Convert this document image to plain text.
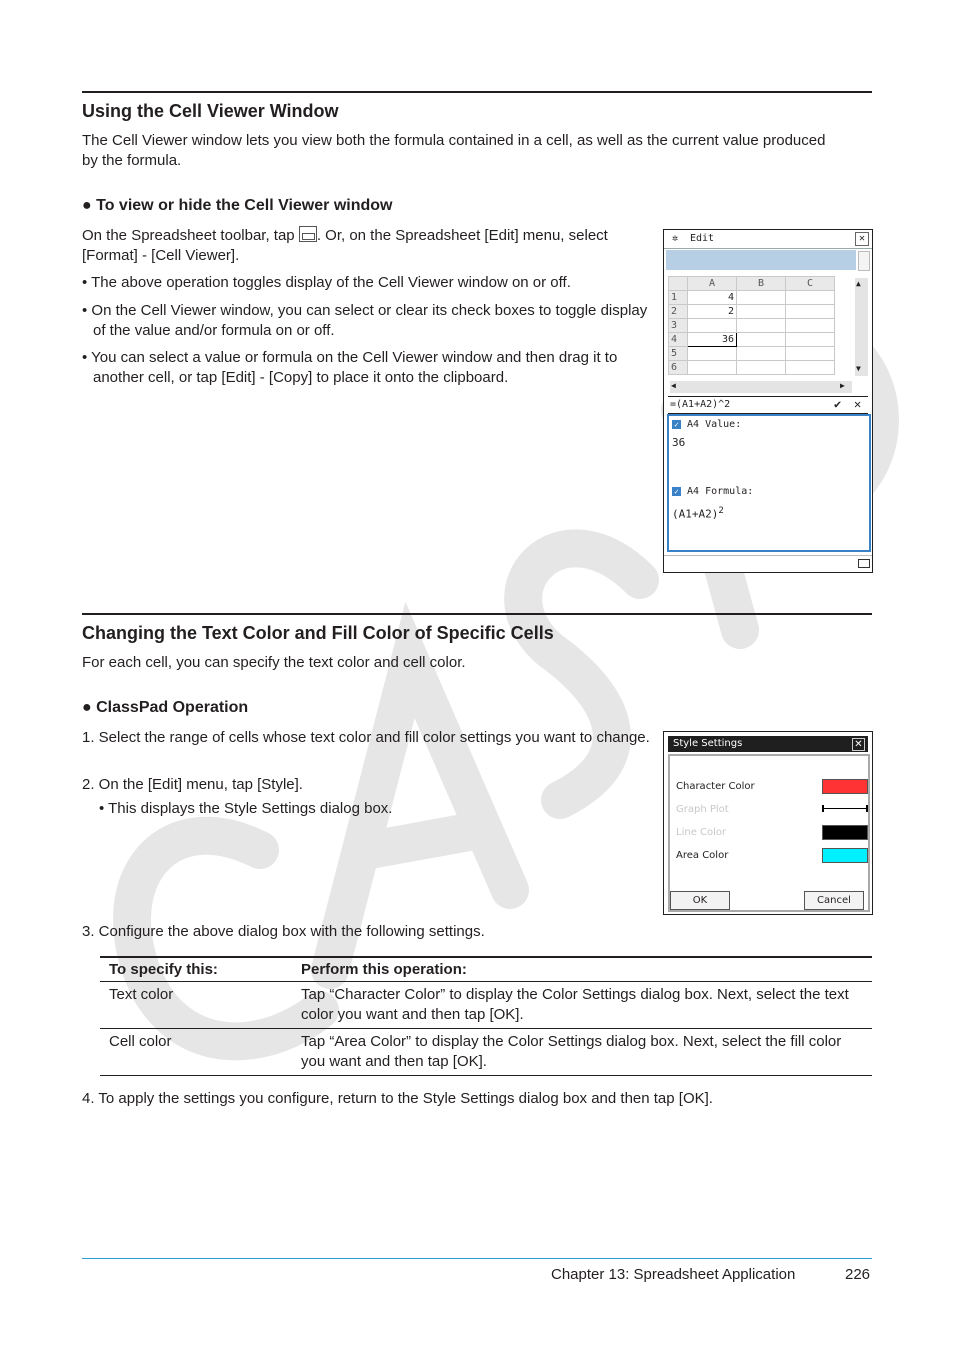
Using the Cell Viewer Window

The Cell Viewer window lets you view both the formula contained in a cell, as well as the current value produced by the formula.

● To view or hide the Cell Viewer window

On the Spreadsheet toolbar, tap . Or, on the Spreadsheet [Edit] menu, select [Format] - [Cell Viewer].

• The above operation toggles display of the Cell Viewer window on or off.

• On the Cell Viewer window, you can select or clear its check boxes to toggle display of the value and/or formula on or off.

• You can select a value or formula on the Cell Viewer window and then drag it to another cell, or tap [Edit] - [Copy] to place it onto the clipboard.

✲ Edit	✕
	A	B	C
1	4		
2	2		
3			
4	36		
5			
6			
▲
▼
◀	▶
=(A1+A2)^2	✔ ✕
✓ A4 Value:
36
✓ A4 Formula:
$(A1+A2)^2$
Changing the Text Color and Fill Color of Specific Cells

For each cell, you can specify the text color and cell color.

● ClassPad Operation

1. Select the range of cells whose text color and fill color settings you want to change.

2. On the [Edit] menu, tap [Style].

• This displays the Style Settings dialog box.

Style Settings	✕
Character Color
Graph Plot
Line Color
Area Color
OK	Cancel

3. Configure the above dialog box with the following settings.

To specify this:	Perform this operation:
Text color	Tap “Character Color” to display the Color Settings dialog box. Next, select the text color you want and then tap [OK].
Cell color	Tap “Area Color” to display the Color Settings dialog box. Next, select the fill color you want and then tap [OK].

4. To apply the settings you configure, return to the Style Settings dialog box and then tap [OK].

Chapter 13: Spreadsheet Application	226
